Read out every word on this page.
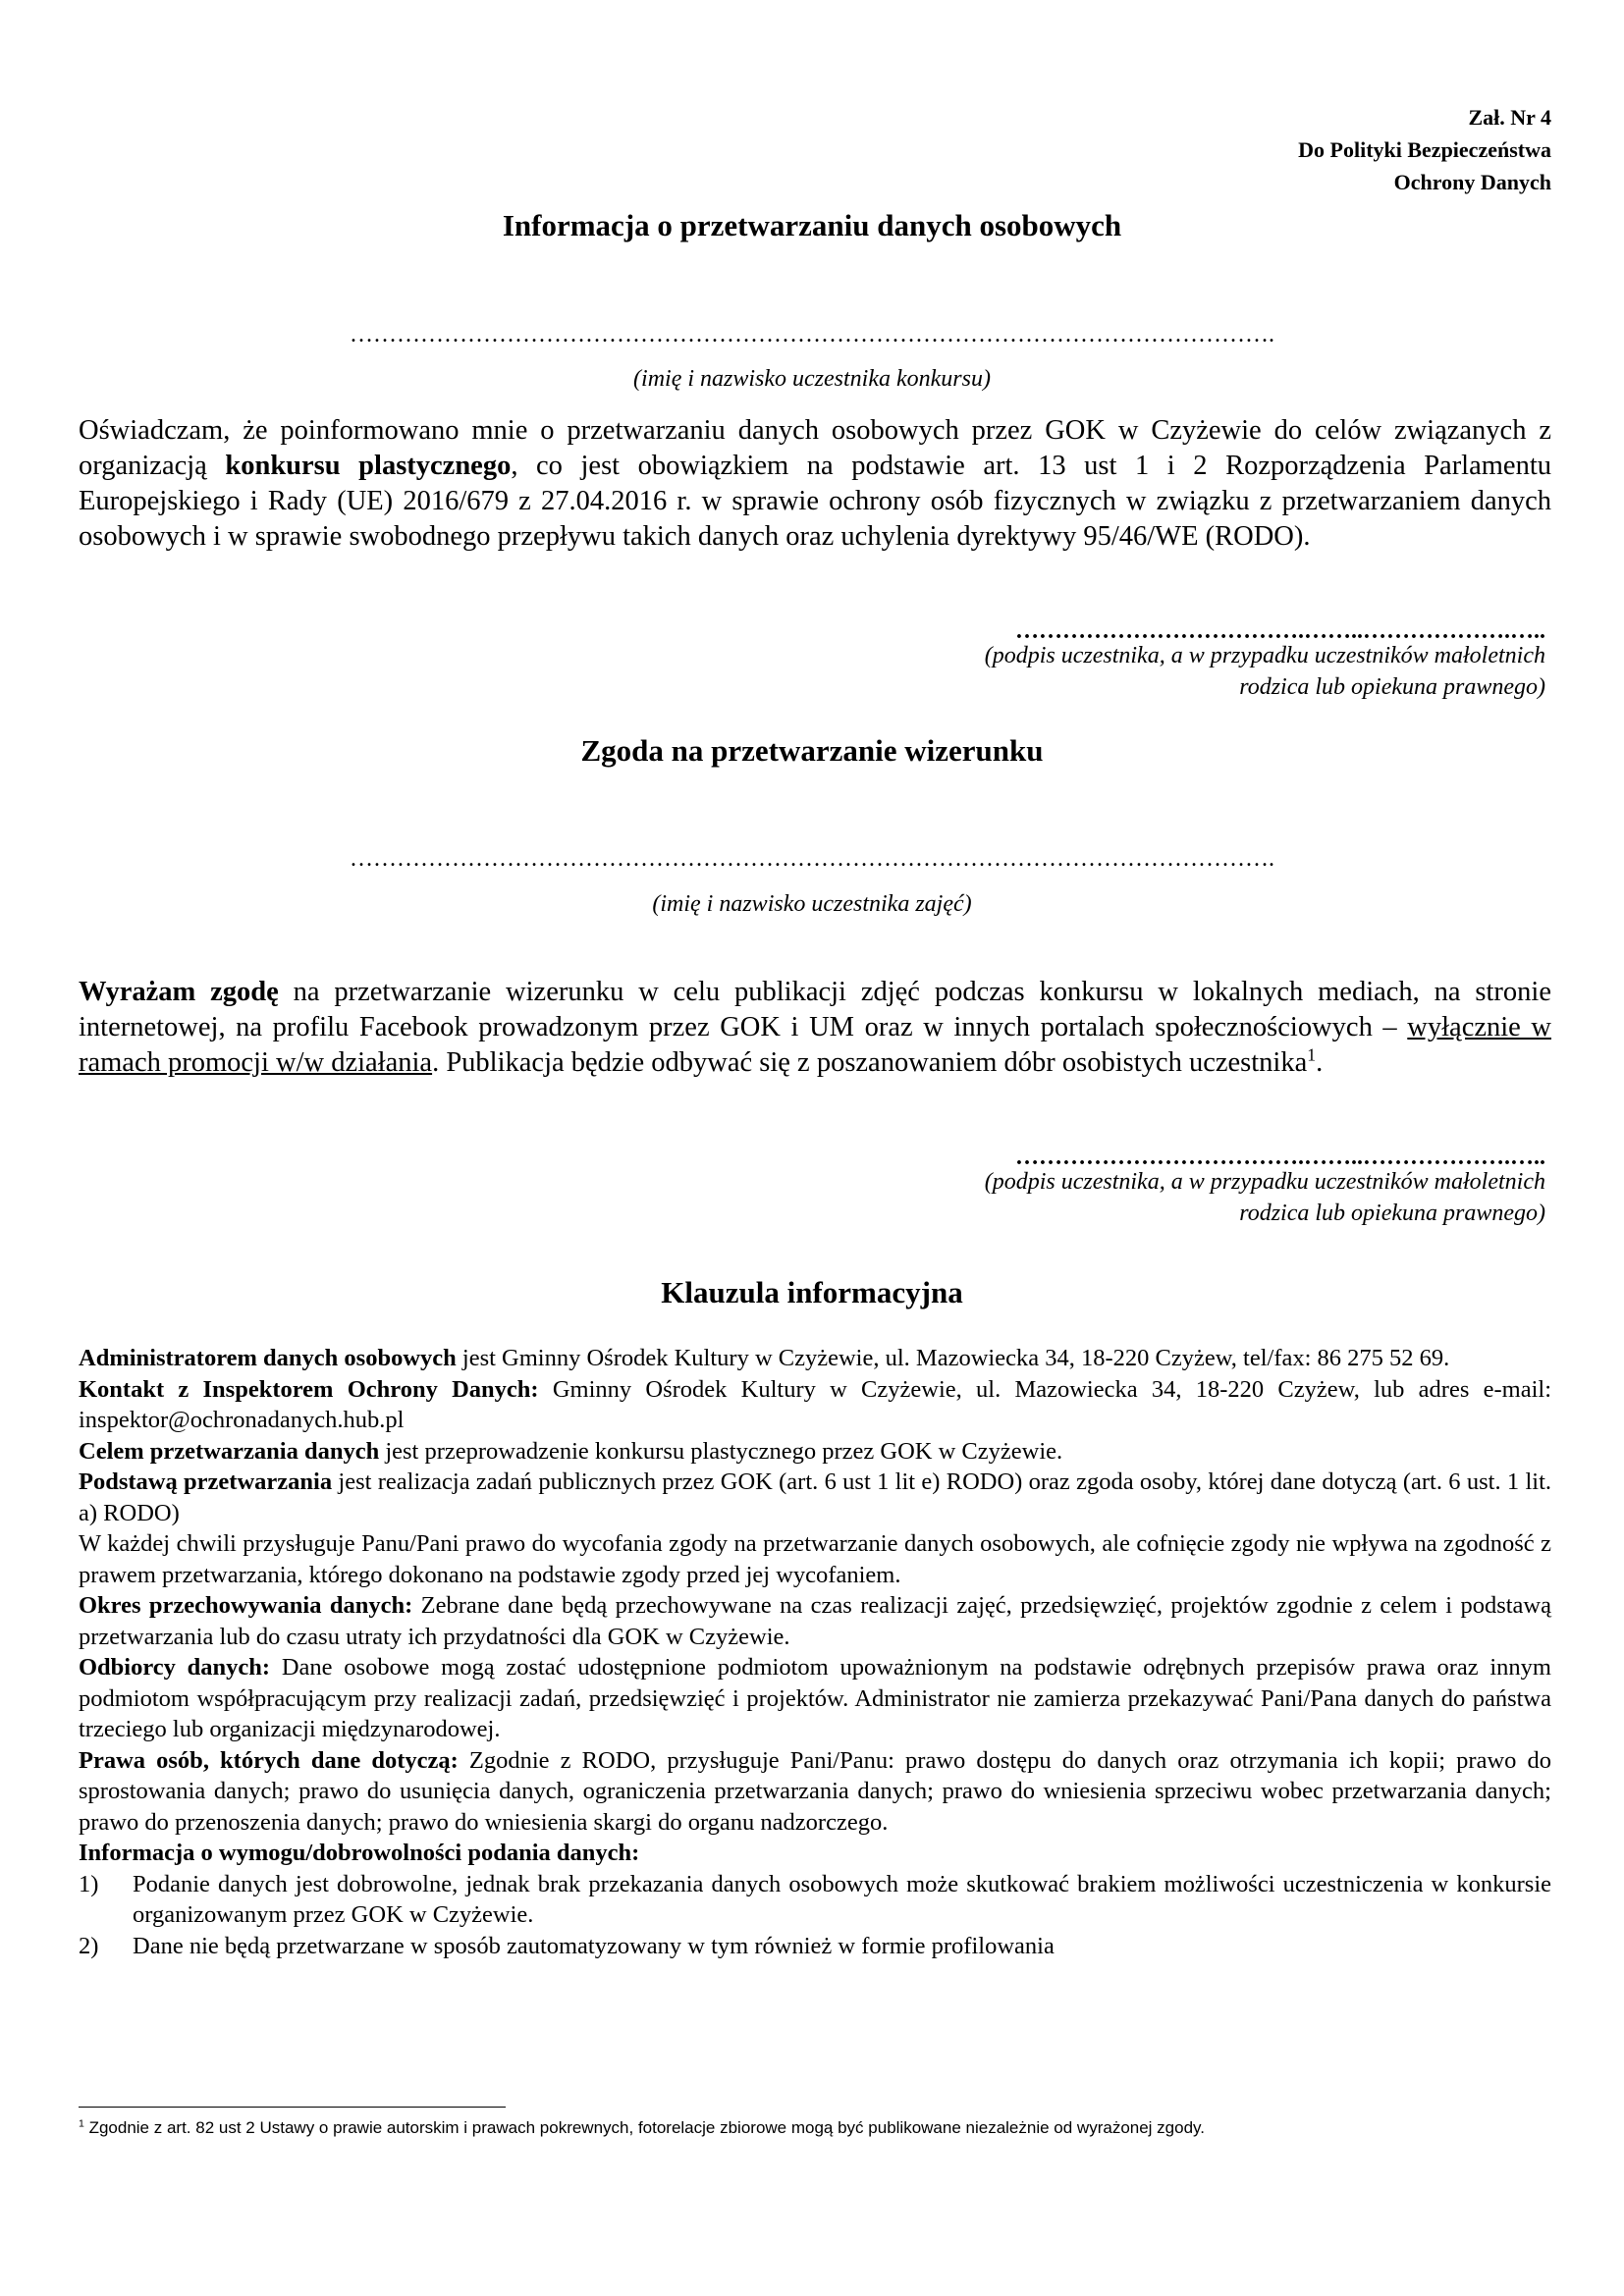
Zał. Nr 4
Do Polityki Bezpieczeństwa
Ochrony Danych
Informacja o przetwarzaniu danych osobowych
……………………………………………………………………………………………………….
(imię i nazwisko uczestnika konkursu)
Oświadczam, że poinformowano mnie o przetwarzaniu danych osobowych przez GOK w Czyżewie do celów związanych z organizacją konkursu plastycznego, co jest obowiązkiem na podstawie art. 13 ust 1 i 2 Rozporządzenia Parlamentu Europejskiego i Rady (UE) 2016/679 z 27.04.2016 r. w sprawie ochrony osób fizycznych w związku z przetwarzaniem danych osobowych i w sprawie swobodnego przepływu takich danych oraz uchylenia dyrektywy 95/46/WE (RODO).
……………………………….……..……………….…..
(podpis uczestnika, a w przypadku uczestników małoletnich
rodzica lub opiekuna prawnego)
Zgoda na przetwarzanie wizerunku
……………………………………………………………………………………………………….
(imię i nazwisko uczestnika zajęć)
Wyrażam zgodę na przetwarzanie wizerunku w celu publikacji zdjęć podczas konkursu w lokalnych mediach, na stronie internetowej, na profilu Facebook prowadzonym przez GOK i UM oraz w innych portalach społecznościowych – wyłącznie w ramach promocji w/w działania. Publikacja będzie odbywać się z poszanowaniem dóbr osobistych uczestnika$^1$.
……………………………….……..……………….…..
(podpis uczestnika, a w przypadku uczestników małoletnich
rodzica lub opiekuna prawnego)
Klauzula informacyjna

Administratorem danych osobowych jest Gminny Ośrodek Kultury w Czyżewie, ul. Mazowiecka 34, 18-220 Czyżew, tel/fax: 86 275 52 69.

Kontakt z Inspektorem Ochrony Danych: Gminny Ośrodek Kultury w Czyżewie, ul. Mazowiecka 34, 18-220 Czyżew, lub adres e-mail: inspektor@ochronadanych.hub.pl

Celem przetwarzania danych jest przeprowadzenie konkursu plastycznego przez GOK w Czyżewie.

Podstawą przetwarzania jest realizacja zadań publicznych przez GOK (art. 6 ust 1 lit e) RODO) oraz zgoda osoby, której dane dotyczą (art. 6 ust. 1 lit. a) RODO)

W każdej chwili przysługuje Panu/Pani prawo do wycofania zgody na przetwarzanie danych osobowych, ale cofnięcie zgody nie wpływa na zgodność z prawem przetwarzania, którego dokonano na podstawie zgody przed jej wycofaniem.

Okres przechowywania danych: Zebrane dane będą przechowywane na czas realizacji zajęć, przedsięwzięć, projektów zgodnie z celem i podstawą przetwarzania lub do czasu utraty ich przydatności dla GOK w Czyżewie.

Odbiorcy danych: Dane osobowe mogą zostać udostępnione podmiotom upoważnionym na podstawie odrębnych przepisów prawa oraz innym podmiotom współpracującym przy realizacji zadań, przedsięwzięć i projektów. Administrator nie zamierza przekazywać Pani/Pana danych do państwa trzeciego lub organizacji międzynarodowej.

Prawa osób, których dane dotyczą: Zgodnie z RODO, przysługuje Pani/Panu: prawo dostępu do danych oraz otrzymania ich kopii; prawo do sprostowania danych; prawo do usunięcia danych, ograniczenia przetwarzania danych; prawo do wniesienia sprzeciwu wobec przetwarzania danych; prawo do przenoszenia danych; prawo do wniesienia skargi do organu nadzorczego.

Informacja o wymogu/dobrowolności podania danych:

1) Podanie danych jest dobrowolne, jednak brak przekazania danych osobowych może skutkować brakiem możliwości uczestniczenia w konkursie organizowanym przez GOK w Czyżewie.
2) Dane nie będą przetwarzane w sposób zautomatyzowany w tym również w formie profilowania
$^1$ Zgodnie z art. 82 ust 2 Ustawy o prawie autorskim i prawach pokrewnych, fotorelacje zbiorowe mogą być publikowane niezależnie od wyrażonej zgody.
